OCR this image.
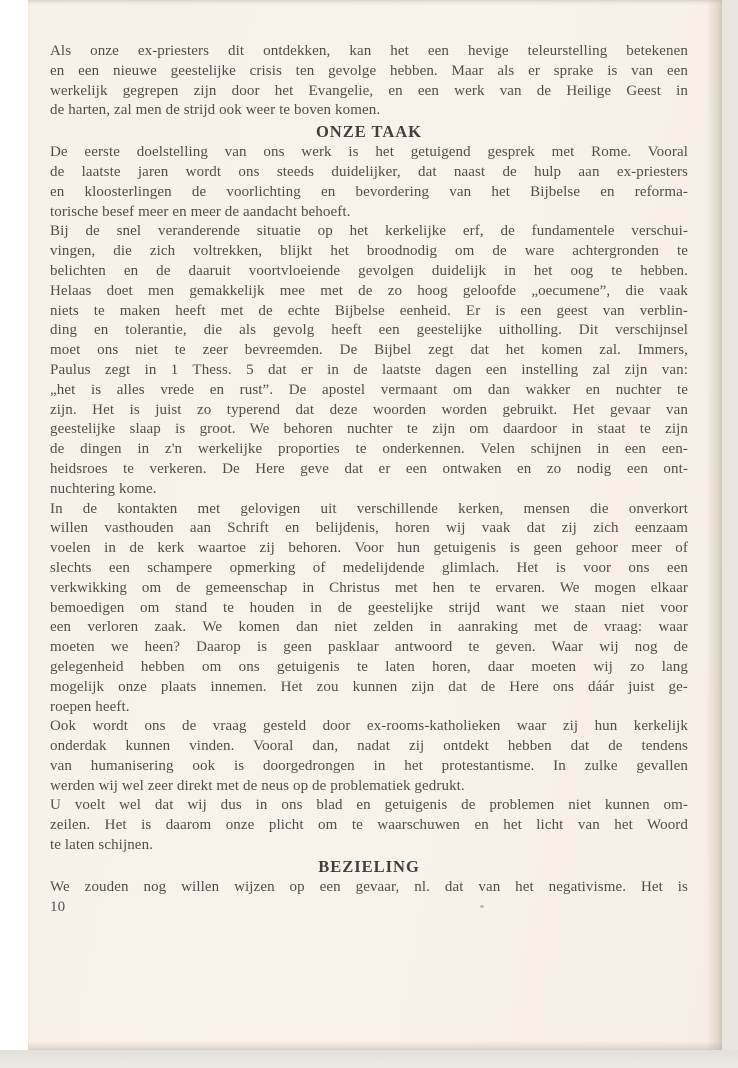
Als onze ex-priesters dit ontdekken, kan het een hevige teleurstelling betekenen
en een nieuwe geestelijke crisis ten gevolge hebben. Maar als er sprake is van een
werkelijk gegrepen zijn door het Evangelie, en een werk van de Heilige Geest in
de harten, zal men de strijd ook weer te boven komen.

ONZE TAAK

De eerste doelstelling van ons werk is het getuigend gesprek met Rome. Vooral
de laatste jaren wordt ons steeds duidelijker, dat naast de hulp aan ex-priesters
en kloosterlingen de voorlichting en bevordering van het Bijbelse en reforma-
torische besef meer en meer de aandacht behoeft.

Bij de snel veranderende situatie op het kerkelijke erf, de fundamentele verschui-
vingen, die zich voltrekken, blijkt het broodnodig om de ware achtergronden te
belichten en de daaruit voortvloeiende gevolgen duidelijk in het oog te hebben.
Helaas doet men gemakkelijk mee met de zo hoog geloofde „oecumene”, die vaak
niets te maken heeft met de echte Bijbelse eenheid. Er is een geest van verblin-
ding en tolerantie, die als gevolg heeft een geestelijke uitholling. Dit verschijnsel
moet ons niet te zeer bevreemden. De Bijbel zegt dat het komen zal. Immers,
Paulus zegt in 1 Thess. 5 dat er in de laatste dagen een instelling zal zijn van:
„het is alles vrede en rust”. De apostel vermaant om dan wakker en nuchter te
zijn. Het is juist zo typerend dat deze woorden worden gebruikt. Het gevaar van
geestelijke slaap is groot. We behoren nuchter te zijn om daardoor in staat te zijn
de dingen in z'n werkelijke proporties te onderkennen. Velen schijnen in een een-
heidsroes te verkeren. De Here geve dat er een ontwaken en zo nodig een ont-
nuchtering kome.

In de kontakten met gelovigen uit verschillende kerken, mensen die onverkort
willen vasthouden aan Schrift en belijdenis, horen wij vaak dat zij zich eenzaam
voelen in de kerk waartoe zij behoren. Voor hun getuigenis is geen gehoor meer of
slechts een schampere opmerking of medelijdende glimlach. Het is voor ons een
verkwikking om de gemeenschap in Christus met hen te ervaren. We mogen elkaar
bemoedigen om stand te houden in de geestelijke strijd want we staan niet voor
een verloren zaak. We komen dan niet zelden in aanraking met de vraag: waar
moeten we heen? Daarop is geen pasklaar antwoord te geven. Waar wij nog de
gelegenheid hebben om ons getuigenis te laten horen, daar moeten wij zo lang
mogelijk onze plaats innemen. Het zou kunnen zijn dat de Here ons dáár juist ge-
roepen heeft.

Ook wordt ons de vraag gesteld door ex-rooms-katholieken waar zij hun kerkelijk
onderdak kunnen vinden. Vooral dan, nadat zij ontdekt hebben dat de tendens
van humanisering ook is doorgedrongen in het protestantisme. In zulke gevallen
werden wij wel zeer direkt met de neus op de problematiek gedrukt.

U voelt wel dat wij dus in ons blad en getuigenis de problemen niet kunnen om-
zeilen. Het is daarom onze plicht om te waarschuwen en het licht van het Woord
te laten schijnen.

BEZIELING

We zouden nog willen wijzen op een gevaar, nl. dat van het negativisme. Het is

10
